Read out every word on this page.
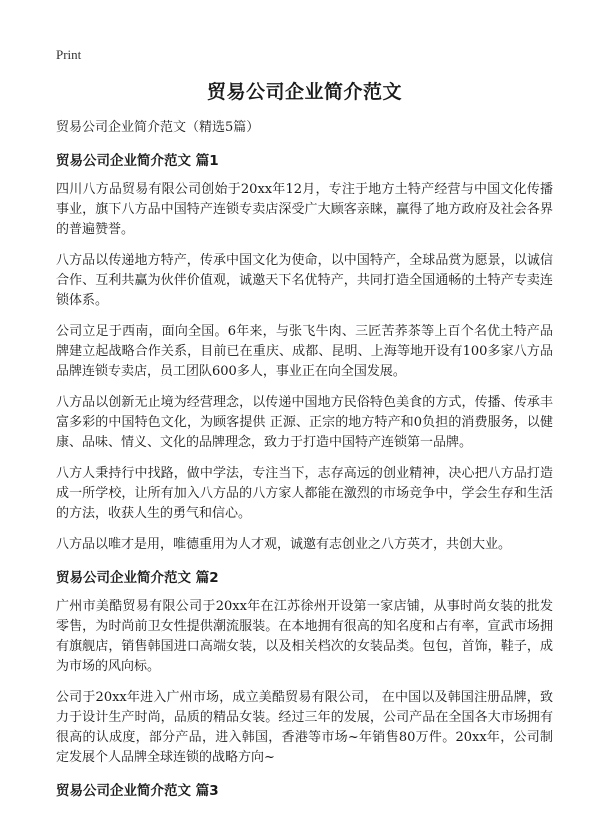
Print
贸易公司企业简介范文

贸易公司企业简介范文（精选5篇）

贸易公司企业简介范文 篇1

四川八方品贸易有限公司创始于20xx年12月，专注于地方土特产经营与中国文化传播事业，旗下八方品中国特产连锁专卖店深受广大顾客亲睐，赢得了地方政府及社会各界的普遍赞誉。

八方品以传递地方特产，传承中国文化为使命，以中国特产，全球品赏为愿景，以诚信合作、互利共赢为伙伴价值观，诚邀天下名优特产，共同打造全国通畅的土特产专卖连锁体系。

公司立足于西南，面向全国。6年来，与张飞牛肉、三匠苦荞茶等上百个名优土特产品牌建立起战略合作关系，目前已在重庆、成都、昆明、上海等地开设有100多家八方品品牌连锁专卖店，员工团队600多人，事业正在向全国发展。

八方品以创新无止境为经营理念，以传递中国地方民俗特色美食的方式，传播、传承丰富多彩的中国特色文化，为顾客提供 正源、正宗的地方特产和0负担的消费服务，以健康、品味、情义、文化的品牌理念，致力于打造中国特产连锁第一品牌。

八方人秉持行中找路，做中学法，专注当下，志存高远的创业精神，决心把八方品打造成一所学校，让所有加入八方品的八方家人都能在激烈的市场竞争中，学会生存和生活的方法，收获人生的勇气和信心。

八方品以唯才是用，唯德重用为人才观，诚邀有志创业之八方英才，共创大业。

贸易公司企业简介范文 篇2

广州市美酷贸易有限公司于20xx年在江苏徐州开设第一家店铺，从事时尚女装的批发零售，为时尚前卫女性提供潮流服装。在本地拥有很高的知名度和占有率，宣武市场拥有旗舰店，销售韩国进口高端女装，以及相关档次的女装品类。包包，首饰，鞋子，成为市场的风向标。

公司于20xx年进入广州市场，成立美酷贸易有限公司， 在中国以及韩国注册品牌，致力于设计生产时尚，品质的精品女装。经过三年的发展，公司产品在全国各大市场拥有很高的认成度，部分产品，进入韩国，香港等市场~年销售80万件。20xx年，公司制定发展个人品牌全球连锁的战略方向~

贸易公司企业简介范文 篇3
